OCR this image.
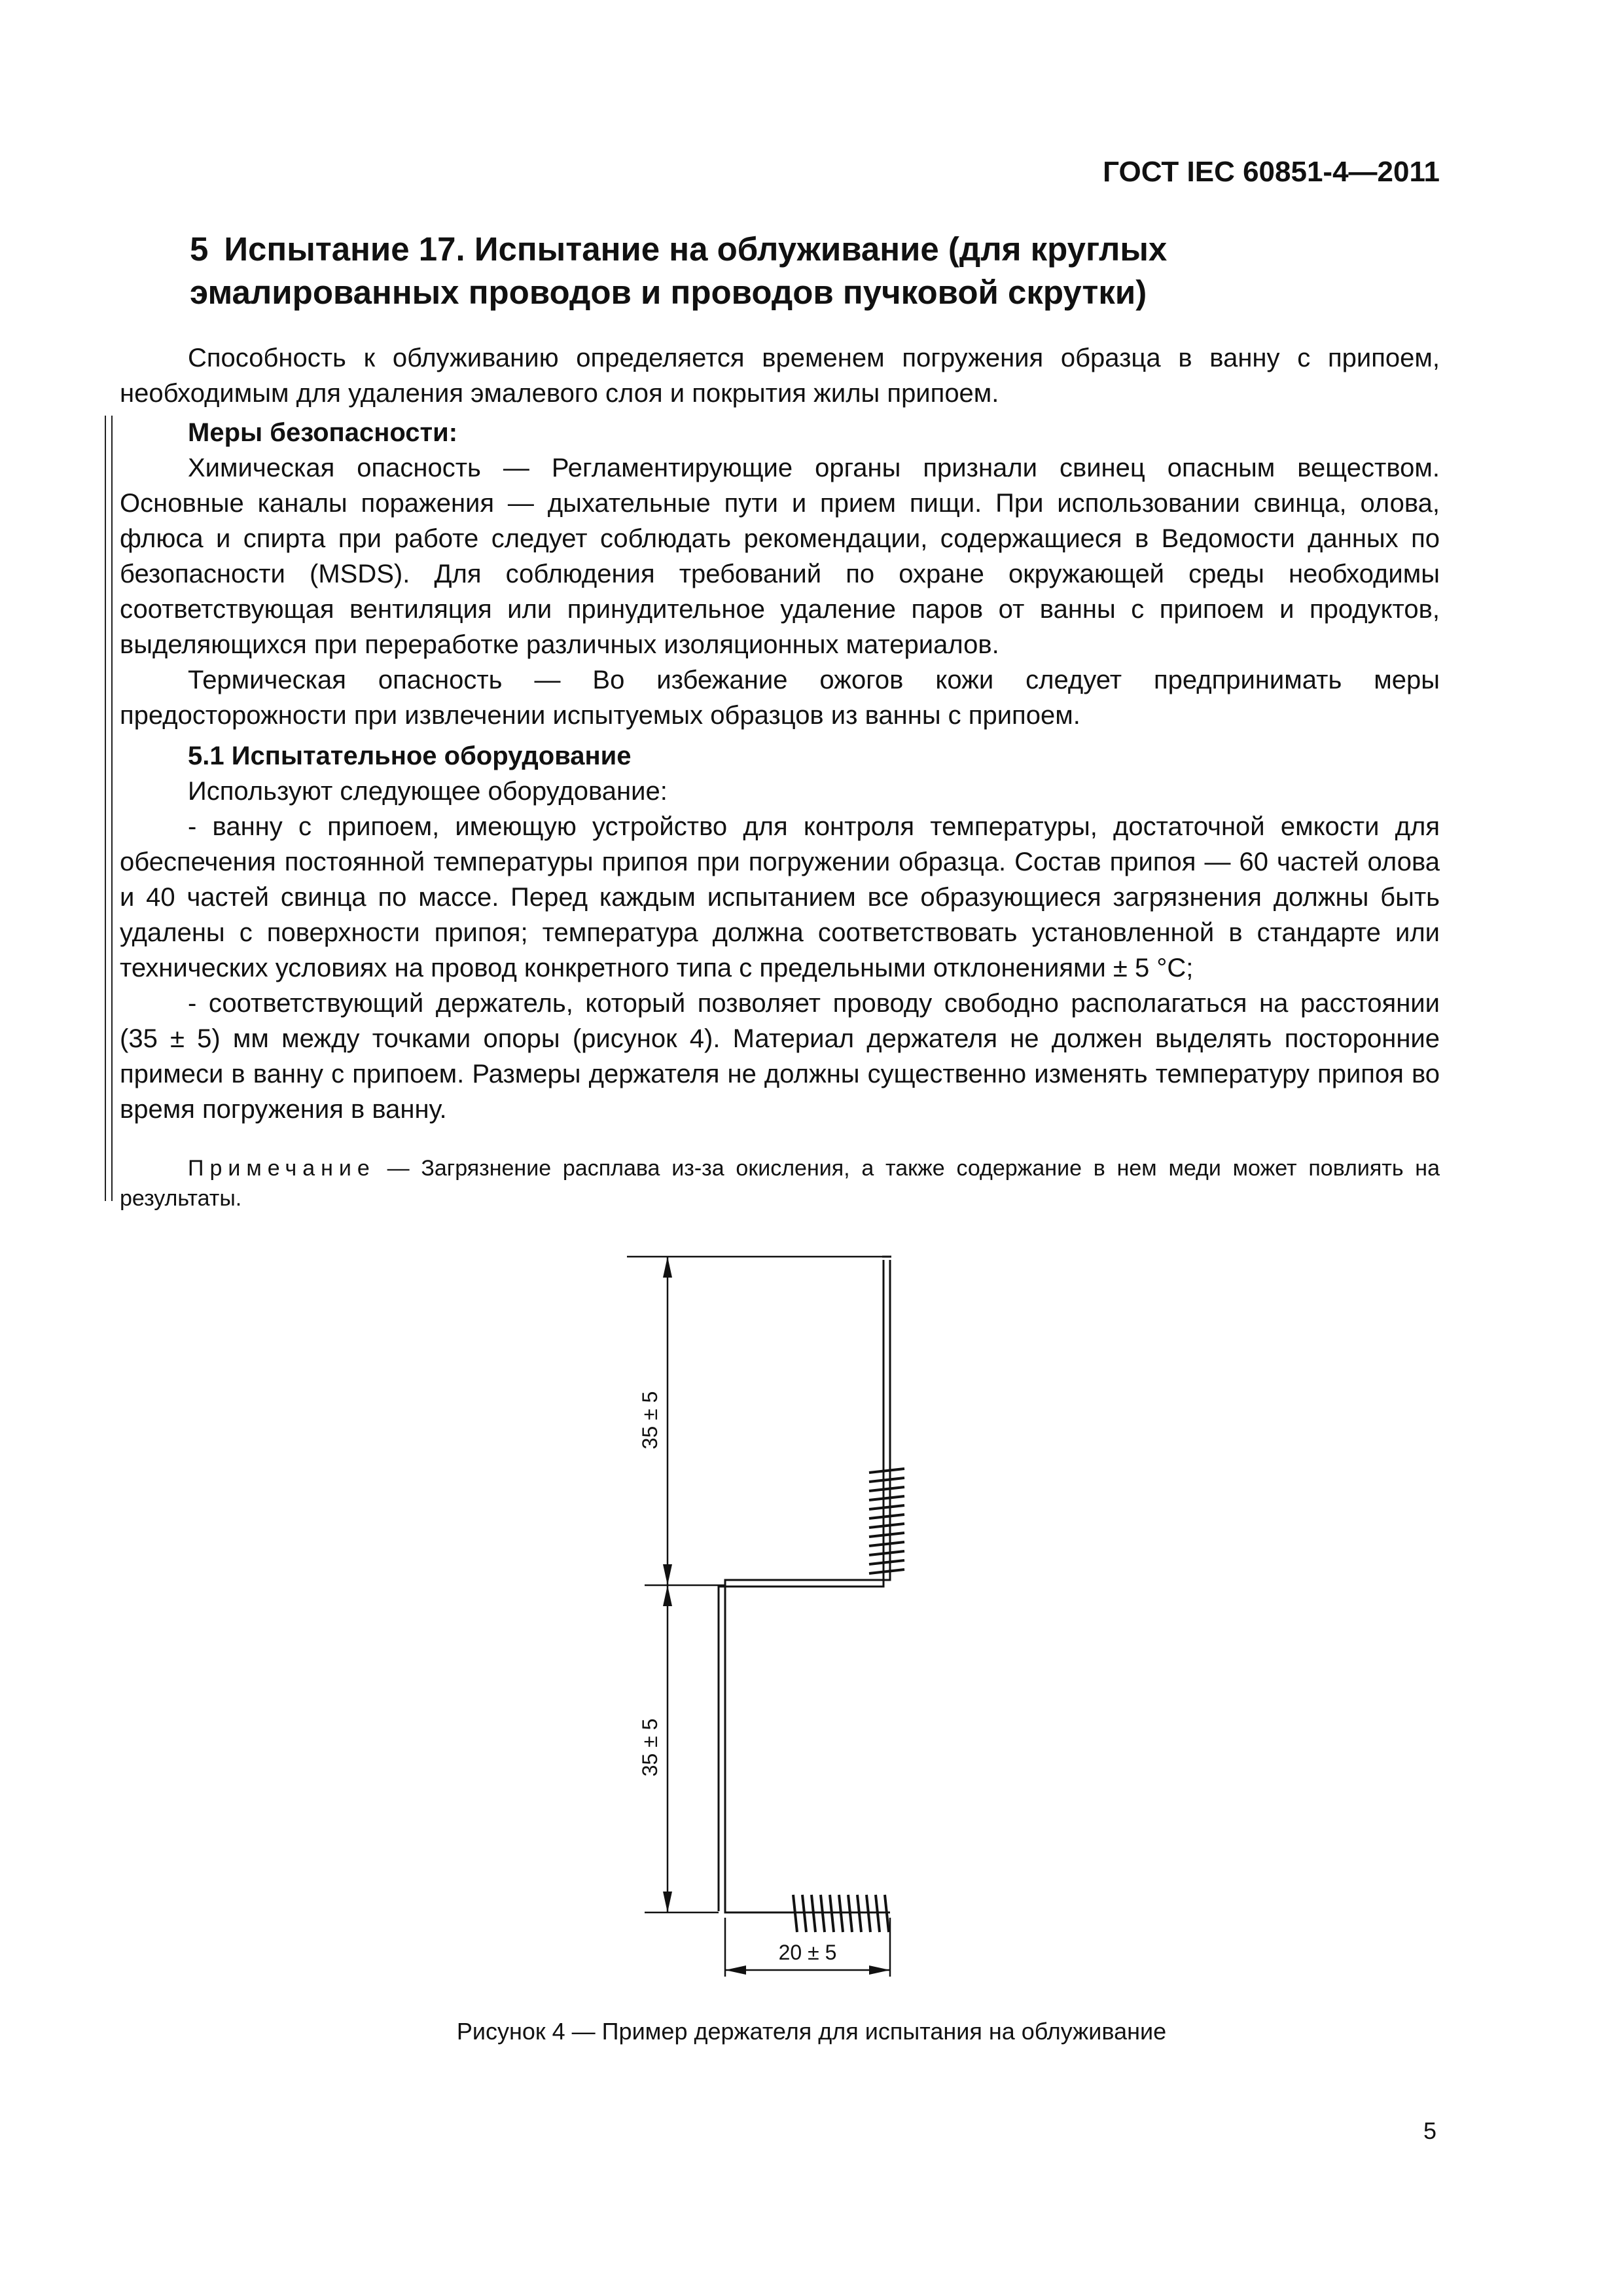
ГОСТ IEC 60851-4—2011
5 Испытание 17. Испытание на облуживание (для круглых эмалированных проводов и проводов пучковой скрутки)

Способность к облуживанию определяется временем погружения образца в ванну с припоем, необходимым для удаления эмалевого слоя и покрытия жилы припоем.

Меры безопасности:

Химическая опасность — Регламентирующие органы признали свинец опасным веществом. Основные каналы поражения — дыхательные пути и прием пищи. При использовании свинца, олова, флюса и спирта при работе следует соблюдать рекомендации, содержащиеся в Ведомости данных по безопасности (MSDS). Для соблюдения требований по охране окружающей среды необходимы соответствующая вентиляция или принудительное удаление паров от ванны с припоем и продуктов, выделяющихся при переработке различных изоляционных материалов.

Термическая опасность — Во избежание ожогов кожи следует предпринимать меры предосторожности при извлечении испытуемых образцов из ванны с припоем.

5.1 Испытательное оборудование

Используют следующее оборудование:

- ванну с припоем, имеющую устройство для контроля температуры, достаточной емкости для обеспечения постоянной температуры припоя при погружении образца. Состав припоя — 60 частей олова и 40 частей свинца по массе. Перед каждым испытанием все образующиеся загрязнения должны быть удалены с поверхности припоя; температура должна соответствовать установленной в стандарте или технических условиях на провод конкретного типа с предельными отклонениями ± 5 °С;

- соответствующий держатель, который позволяет проводу свободно располагаться на расстоянии (35 ± 5) мм между точками опоры (рисунок 4). Материал держателя не должен выделять посторонние примеси в ванну с припоем. Размеры держателя не должны существенно изменять температуру припоя во время погружения в ванну.

Примечание — Загрязнение расплава из-за окисления, а также содержание в нем меди может повлиять на результаты.

35 ± 5
35 ± 5
20 ± 5
Рисунок 4 — Пример держателя для испытания на облуживание
5
